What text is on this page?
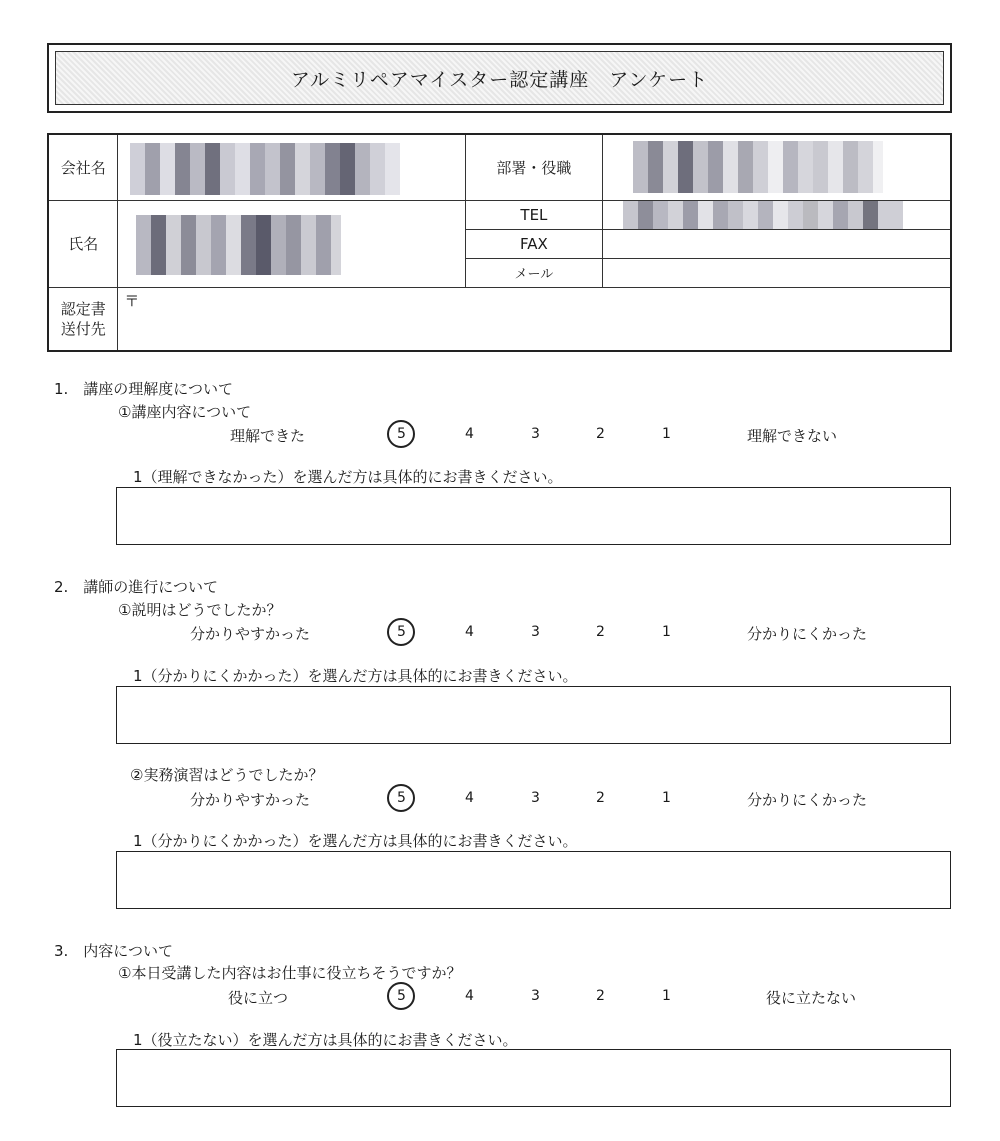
アルミリペアマイスター認定講座　アンケート
会社名		部署・役職	

氏名		TEL	

		FAX	
		メール	
認定書送付先	〒		
1.　講座の理解度について
①講座内容について
理解できた	5	4	3	2	1	理解できない
1（理解できなかった）を選んだ方は具体的にお書きください。
2.　講師の進行について
①説明はどうでしたか？
分かりやすかった	5	4	3	2	1	分かりにくかった
1（分かりにくかかった）を選んだ方は具体的にお書きください。
②実務演習はどうでしたか？
分かりやすかった	5	4	3	2	1	分かりにくかった
1（分かりにくかかった）を選んだ方は具体的にお書きください。
3.　内容について
①本日受講した内容はお仕事に役立ちそうですか？
役に立つ	5	4	3	2	1	役に立たない
1（役立たない）を選んだ方は具体的にお書きください。
